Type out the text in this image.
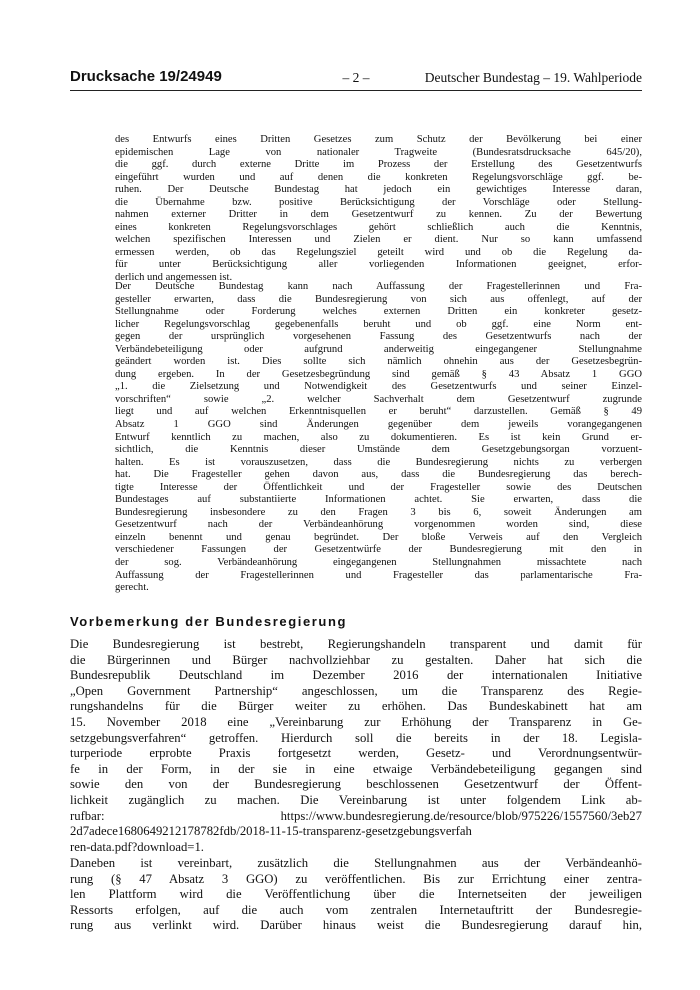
Drucksache 19/24949	– 2 –	Deutscher Bundestag – 19. Wahlperiode
des Entwurfs eines Dritten Gesetzes zum Schutz der Bevölkerung bei einer
epidemischen Lage von nationaler Tragweite (Bundesratsdrucksache 645/20),
die ggf. durch externe Dritte im Prozess der Erstellung des Gesetzentwurfs
eingeführt wurden und auf denen die konkreten Regelungsvorschläge ggf. be-
ruhen. Der Deutsche Bundestag hat jedoch ein gewichtiges Interesse daran,
die Übernahme bzw. positive Berücksichtigung der Vorschläge oder Stellung-
nahmen externer Dritter in dem Gesetzentwurf zu kennen. Zu der Bewertung
eines konkreten Regelungsvorschlages gehört schließlich auch die Kenntnis,
welchen spezifischen Interessen und Zielen er dient. Nur so kann umfassend
ermessen werden, ob das Regelungsziel geteilt wird und ob die Regelung da-
für unter Berücksichtigung aller vorliegenden Informationen geeignet, erfor-
derlich und angemessen ist.
Der Deutsche Bundestag kann nach Auffassung der Fragestellerinnen und Fra-
gesteller erwarten, dass die Bundesregierung von sich aus offenlegt, auf der
Stellungnahme oder Forderung welches externen Dritten ein konkreter gesetz-
licher Regelungsvorschlag gegebenenfalls beruht und ob ggf. eine Norm ent-
gegen der ursprünglich vorgesehenen Fassung des Gesetzentwurfs nach der
Verbändebeteiligung oder aufgrund anderweitig eingegangener Stellungnahme
geändert worden ist. Dies sollte sich nämlich ohnehin aus der Gesetzesbegrün-
dung ergeben. In der Gesetzesbegründung sind gemäß § 43 Absatz 1 GGO
„1. die Zielsetzung und Notwendigkeit des Gesetzentwurfs und seiner Einzel-
vorschriften“ sowie „2. welcher Sachverhalt dem Gesetzentwurf zugrunde
liegt und auf welchen Erkenntnisquellen er beruht“ darzustellen. Gemäß § 49
Absatz 1 GGO sind Änderungen gegenüber dem jeweils vorangegangenen
Entwurf kenntlich zu machen, also zu dokumentieren. Es ist kein Grund er-
sichtlich, die Kenntnis dieser Umstände dem Gesetzgebungsorgan vorzuent-
halten. Es ist vorauszusetzen, dass die Bundesregierung nichts zu verbergen
hat. Die Fragesteller gehen davon aus, dass die Bundesregierung das berech-
tigte Interesse der Öffentlichkeit und der Fragesteller sowie des Deutschen
Bundestages auf substantiierte Informationen achtet. Sie erwarten, dass die
Bundesregierung insbesondere zu den Fragen 3 bis 6, soweit Änderungen am
Gesetzentwurf nach der Verbändeanhörung vorgenommen worden sind, diese
einzeln benennt und genau begründet. Der bloße Verweis auf den Vergleich
verschiedener Fassungen der Gesetzentwürfe der Bundesregierung mit den in
der sog. Verbändeanhörung eingegangenen Stellungnahmen missachtete nach
Auffassung der Fragestellerinnen und Fragesteller das parlamentarische Fra-
gerecht.
Vorbemerkung der Bundesregierung
Die Bundesregierung ist bestrebt, Regierungshandeln transparent und damit für
die Bürgerinnen und Bürger nachvollziehbar zu gestalten. Daher hat sich die
Bundesrepublik Deutschland im Dezember 2016 der internationalen Initiative
„Open Government Partnership“ angeschlossen, um die Transparenz des Regie-
rungshandelns für die Bürger weiter zu erhöhen. Das Bundeskabinett hat am
15. November 2018 eine „Vereinbarung zur Erhöhung der Transparenz in Ge-
setzgebungsverfahren“ getroffen. Hierdurch soll die bereits in der 18. Legisla-
turperiode erprobte Praxis fortgesetzt werden, Gesetz- und Verordnungsentwür-
fe in der Form, in der sie in eine etwaige Verbändebeteiligung gegangen sind
sowie den von der Bundesregierung beschlossenen Gesetzentwurf der Öffent-
lichkeit zugänglich zu machen. Die Vereinbarung ist unter folgendem Link ab-
rufbar: https://www.bundesregierung.de/resource/blob/975226/1557560/3eb27
2d7adece1680649212178782fdb/2018-11-15-transparenz-gesetzgebungsverfah
ren-data.pdf?download=1.
Daneben ist vereinbart, zusätzlich die Stellungnahmen aus der Verbändeanhö-
rung (§ 47 Absatz 3 GGO) zu veröffentlichen. Bis zur Errichtung einer zentra-
len Plattform wird die Veröffentlichung über die Internetseiten der jeweiligen
Ressorts erfolgen, auf die auch vom zentralen Internetauftritt der Bundesregie-
rung aus verlinkt wird. Darüber hinaus weist die Bundesregierung darauf hin,
